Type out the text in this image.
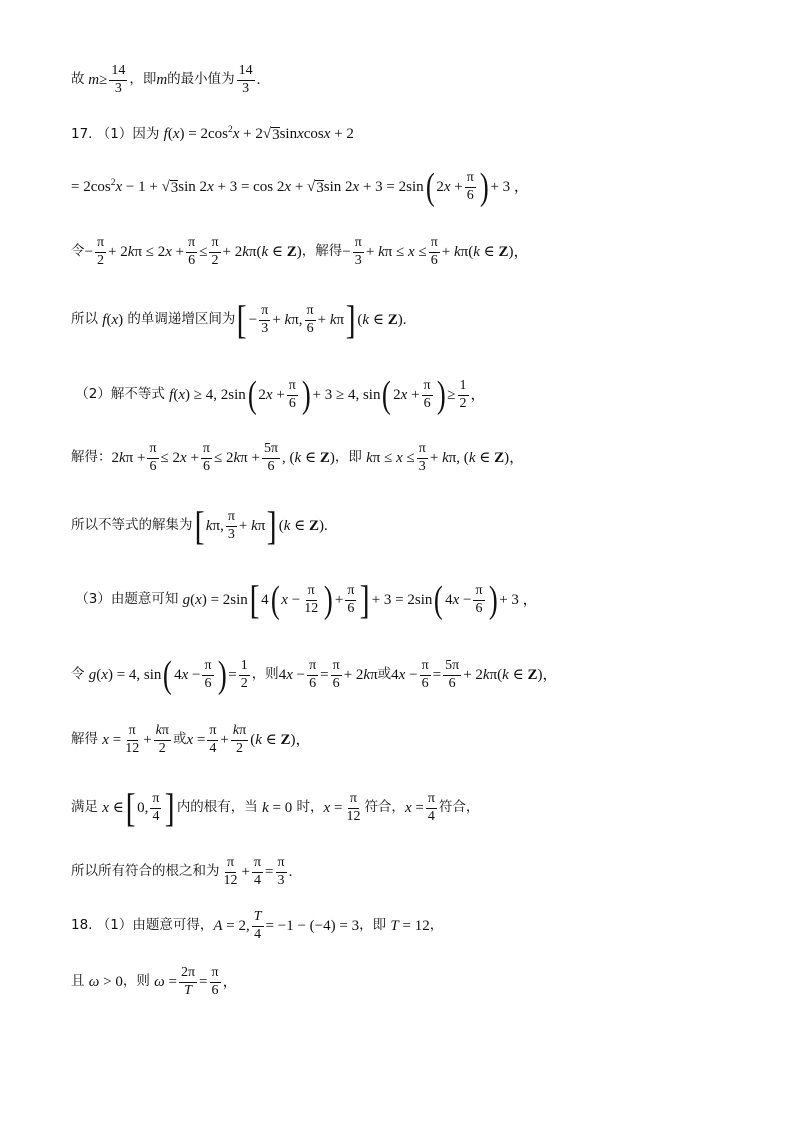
故 $m \ge \frac{14}{3}$ ，即 m 的最小值为 $\frac{14}{3}$ .
17. （1）因为 $f(x) = 2\cos^2x + 2$ √ 3 sinxcosx + 2
= $2\cos^2x - 1$ + √ 3 sin 2x + 3 = cos 2x + √ 3 sin 2x + 3 = 2sin ( $2x + \frac{\pi}{6}$ ) + 3 ，
令 − $\frac{\pi}{2} + 2k\pi \le 2x + \frac{\pi}{6} \le \frac{\pi}{2} + 2k\pi(k$ ∈ Z) ，解得 − $\frac{\pi}{3} + k\pi \le x \le \frac{\pi}{6} + k\pi(k$ ∈ Z)，
所以 f(x) 的单调递增区间为 [ − $\frac{\pi}{3} + k\pi$, $\frac{\pi}{6} + k\pi$ ] (k ∈ Z).
（2）解不等式 f(x) ≥ 4, 2sin ( $2x + \frac{\pi}{6}$ ) + 3 ≥ 4, sin ( $2x + \frac{\pi}{6}$ ) ≥ $\frac{1}{2}$ ，
解得： $2k\pi + \frac{\pi}{6} \le 2x + \frac{\pi}{6} \le 2k\pi + \frac{5\pi}{6}$ , (k ∈ Z) ，即 $k\pi \le x \le \frac{\pi}{3} + k\pi$, (k ∈ Z)，
所以不等式的解集为 [ kπ, $\frac{\pi}{3} + k\pi$ ] (k ∈ Z).
（3）由题意可知 g(x) = 2sin [ 4 ( $x - \frac{\pi}{12}$ ) + $\frac{\pi}{6}$ ] + 3 = 2sin ( $4x - \frac{\pi}{6}$ ) + 3 ，
令 g(x) = 4, sin ( $4x - \frac{\pi}{6}$ ) = $\frac{1}{2}$ ，则 $4x - \frac{\pi}{6} = \frac{\pi}{6} + 2k\pi$ 或 $4x - \frac{\pi}{6} = \frac{5\pi}{6} + 2k\pi(k$ ∈ Z)，
解得 $x = \frac{\pi}{12} + \frac{k\pi}{2}$ 或 $x = \frac{\pi}{4} + \frac{k\pi}{2} (k$ ∈ Z)，
满足 x ∈ [ 0, $\frac{\pi}{4}$ ] 内的根有，当 k = 0 时， $x = \frac{\pi}{12}$ 符合， $x = \frac{\pi}{4}$ 符合，
所以所有符合的根之和为 $\frac{\pi}{12} + \frac{\pi}{4} = \frac{\pi}{3}$ .
18. （1）由题意可得， A = 2, $\frac{T}{4} = -1 - (-4) = 3$ ，即 T = 12 ，
且 ω > 0 ，则 $\omega = \frac{2\pi}{T} = \frac{\pi}{6}$ ，
